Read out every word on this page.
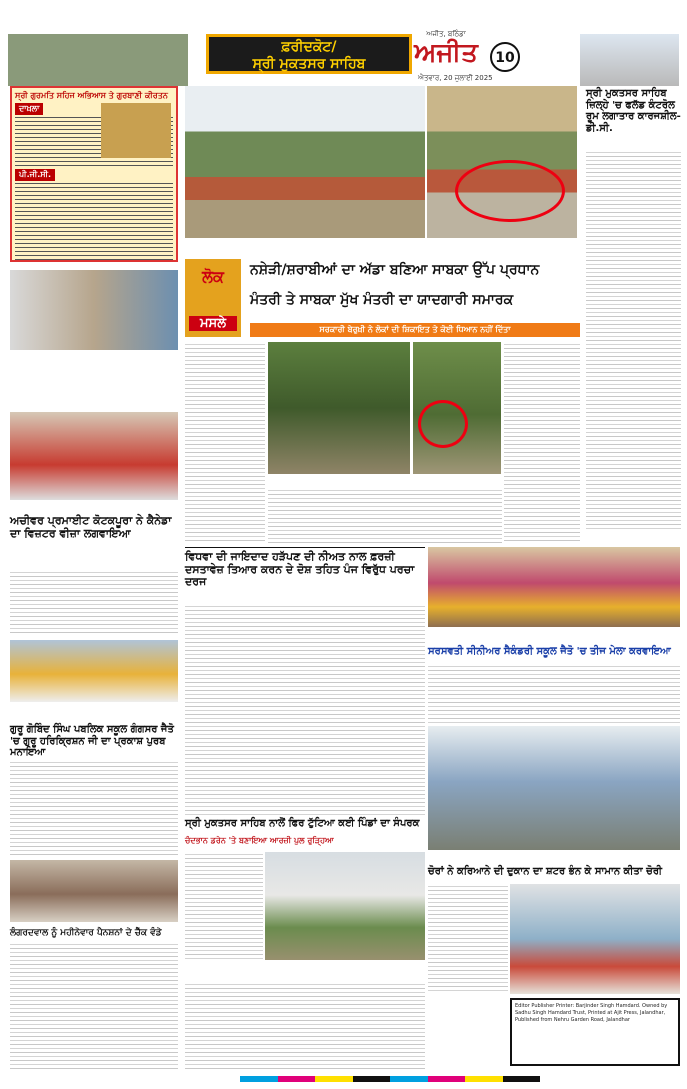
ਫ਼ਰੀਦਕੋਟ/
ਸ੍ਰੀ ਮੁਕਤਸਰ ਸਾਹਿਬ
ਅਜੀਤ, ਬਠਿੰਡਾ
ਅਜੀਤ
ਐਤਵਾਰ, 20 ਜੁਲਾਈ 2025
10
ਸ੍ਰੀ ਗੁਰਮਤਿ ਸਹਿਜ ਅਭਿਆਸ ਤੇ ਗੁਰਬਾਣੀ ਕੀਰਤਨ
ਦਾਖ਼ਲਾ
ਪੀ.ਜੀ.ਸੀ.
ਸ੍ਰੀ ਮੁਕਤਸਰ ਸਾਹਿਬ ਜ਼ਿਲ੍ਹੇ 'ਚ ਫਲੱਡ ਕੰਟਰੋਲ ਰੂਮ ਲਗਾਤਾਰ ਕਾਰਜਸ਼ੀਲ-ਡੀ.ਸੀ.
ਅਚੀਵਰ ਪ੍ਰਮਾਈਟ ਕੋਟਕਪੂਰਾ ਨੇ ਕੈਨੇਡਾ ਦਾ ਵਿਜ਼ਟਰ ਵੀਜ਼ਾ ਲਗਵਾਇਆ
ਗੁਰੂ ਗੋਬਿੰਦ ਸਿੰਘ ਪਬਲਿਕ ਸਕੂਲ ਗੰਗਸਰ ਜੈਤੋ 'ਚ ਗੁਰੂ ਹਰਿਕ੍ਰਿਸ਼ਨ ਜੀ ਦਾ ਪ੍ਰਕਾਸ਼ ਪੁਰਬ ਮਨਾਇਆ
ਲੰਗਰਦਵਾਲ ਨੂੰ ਮਹੀਨੇਵਾਰ ਪੈਨਸ਼ਨਾਂ ਦੇ ਚੈੱਕ ਵੰਡੇ
ਲੋਕ
ਮਸਲੇ
ਨਸ਼ੇੜੀ/ਸ਼ਰਾਬੀਆਂ ਦਾ ਅੱਡਾ ਬਣਿਆ ਸਾਬਕਾ ਉੱਪ ਪ੍ਰਧਾਨ
ਮੰਤਰੀ ਤੇ ਸਾਬਕਾ ਮੁੱਖ ਮੰਤਰੀ ਦਾ ਯਾਦਗਾਰੀ ਸਮਾਰਕ
ਸਰਕਾਰੀ ਬੇਰੁਖ਼ੀ ਨੇ ਲੋਕਾਂ ਦੀ ਸ਼ਿਕਾਇਤ ਤੇ ਕੋਈ ਧਿਆਨ ਨਹੀਂ ਦਿੱਤਾ
ਵਿਧਵਾ ਦੀ ਜਾਇਦਾਦ ਹੜੱਪਣ ਦੀ ਨੀਅਤ ਨਾਲ ਫ਼ਰਜ਼ੀ ਦਸਤਾਵੇਜ਼ ਤਿਆਰ ਕਰਨ ਦੇ ਦੋਸ਼ ਤਹਿਤ ਪੰਜ ਵਿਰੁੱਧ ਪਰਚਾ ਦਰਜ
ਸਰਸਵਤੀ ਸੀਨੀਅਰ ਸੈਕੰਡਰੀ ਸਕੂਲ ਜੈਤੋ 'ਚ ਤੀਜ ਮੇਲਾ ਕਰਵਾਇਆ
ਸ੍ਰੀ ਮੁਕਤਸਰ ਸਾਹਿਬ ਨਾਲੋਂ ਫਿਰ ਟੁੱਟਿਆ ਕਈ ਪਿੰਡਾਂ ਦਾ ਸੰਪਰਕ
ਚੰਦਭਾਨ ਡਰੇਨ 'ਤੇ ਬਣਾਇਆ ਆਰਜ਼ੀ ਪੁਲ ਰੁੜ੍ਹਿਆ
ਚੋਰਾਂ ਨੇ ਕਰਿਆਨੇ ਦੀ ਦੁਕਾਨ ਦਾ ਸ਼ਟਰ ਭੰਨ ਕੇ ਸਾਮਾਨ ਕੀਤਾ ਚੋਰੀ
Editor Publisher Printer: Barjinder Singh Hamdard. Owned by Sadhu Singh Hamdard Trust, Printed at Ajit Press, Jalandhar, Published from Nehru Garden Road, Jalandhar
